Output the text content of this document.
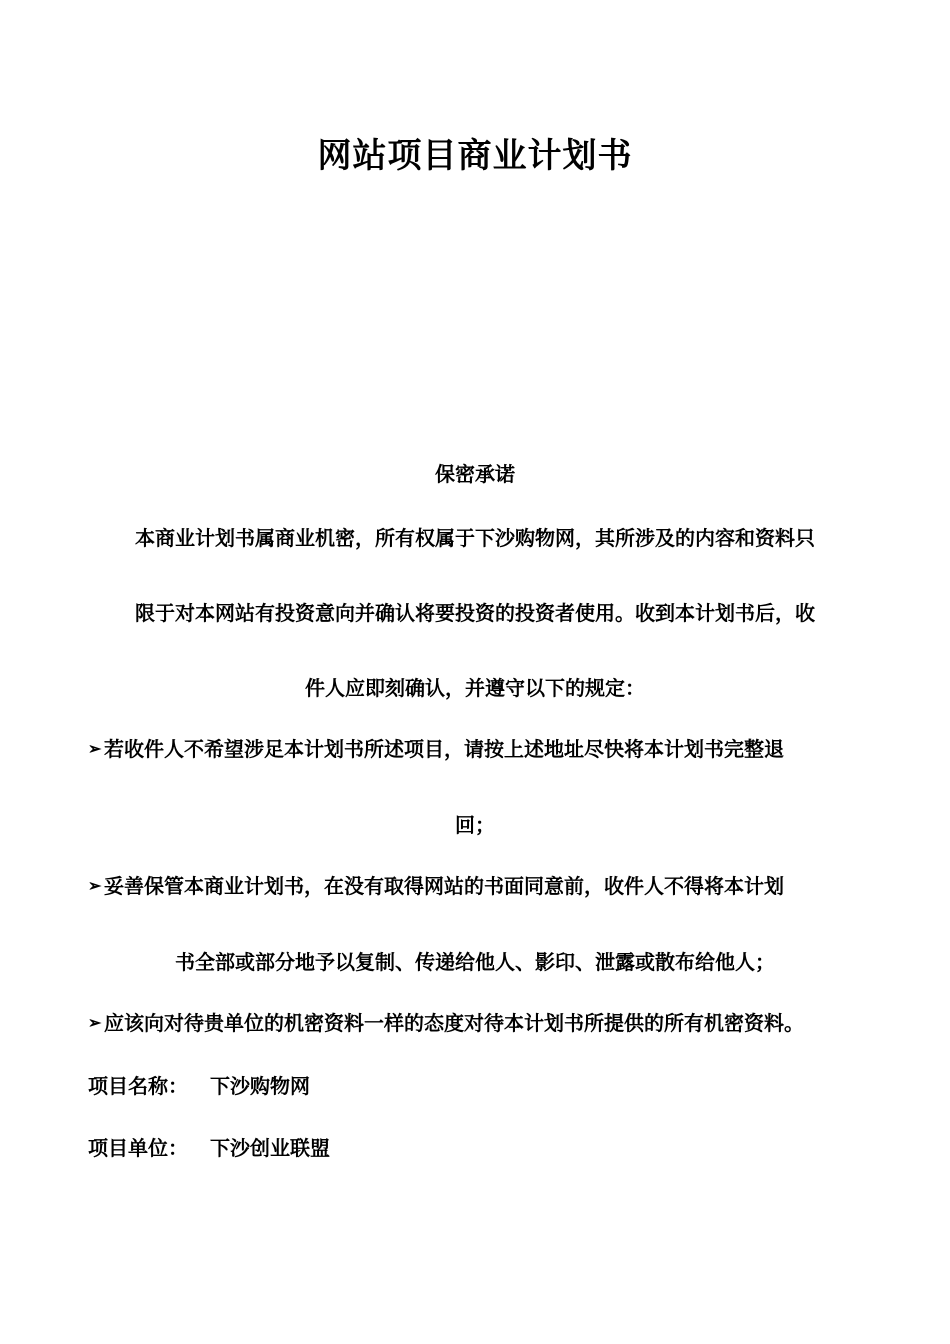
网站项目商业计划书
保密承诺
本商业计划书属商业机密，所有权属于下沙购物网，其所涉及的内容和资料只
限于对本网站有投资意向并确认将要投资的投资者使用。收到本计划书后，收
件人应即刻确认，并遵守以下的规定：
➢ 若收件人不希望涉足本计划书所述项目，请按上述地址尽快将本计划书完整退
回；
➢ 妥善保管本商业计划书，在没有取得网站的书面同意前，收件人不得将本计划
书全部或部分地予以复制、传递给他人、影印、泄露或散布给他人；
➢ 应该向对待贵单位的机密资料一样的态度对待本计划书所提供的所有机密资料。
项目名称： 下沙购物网
项目单位： 下沙创业联盟
